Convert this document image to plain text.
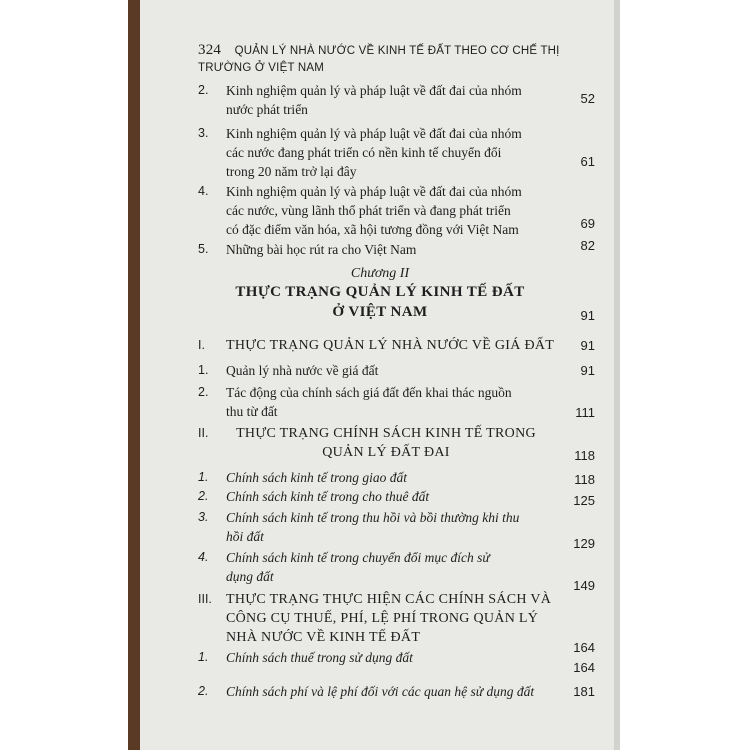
324 QUẢN LÝ NHÀ NƯỚC VỀ KINH TẾ ĐẤT THEO CƠ CHẾ THỊ TRƯỜNG Ở VIỆT NAM
2. Kinh nghiệm quản lý và pháp luật về đất đai của nhóm
nước phát triển
52
3. Kinh nghiệm quản lý và pháp luật về đất đai của nhóm
các nước đang phát triển có nền kinh tế chuyển đổi
trong 20 năm trở lại đây
61
4. Kinh nghiệm quản lý và pháp luật về đất đai của nhóm
các nước, vùng lãnh thổ phát triển và đang phát triển
có đặc điểm văn hóa, xã hội tương đồng với Việt Nam	69
5. Những bài học rút ra cho Việt Nam	82
Chương II
THỰC TRẠNG QUẢN LÝ KINH TẾ ĐẤT
Ở VIỆT NAM	91
I. THỰC TRẠNG QUẢN LÝ NHÀ NƯỚC VỀ GIÁ ĐẤT 91
1. Quản lý nhà nước về giá đất	91
2. Tác động của chính sách giá đất đến khai thác nguồn
thu từ đất	111
II.	THỰC TRẠNG CHÍNH SÁCH KINH TẾ TRONG
QUẢN LÝ ĐẤT ĐAI	118
1. Chính sách kinh tế trong giao đất	118
2. Chính sách kinh tế trong cho thuê đất	125
3. Chính sách kinh tế trong thu hồi và bồi thường khi thu
hồi đất	129
4. Chính sách kinh tế trong chuyển đổi mục đích sử
dụng đất
149
III. THỰC TRẠNG THỰC HIỆN CÁC CHÍNH SÁCH VÀ
CÔNG CỤ THUẾ, PHÍ, LỆ PHÍ TRONG QUẢN LÝ
NHÀ NƯỚC VỀ KINH TẾ ĐẤT
164
1. Chính sách thuế trong sử dụng đất
164
2. Chính sách phí và lệ phí đối với các quan hệ sử dụng đất	181
